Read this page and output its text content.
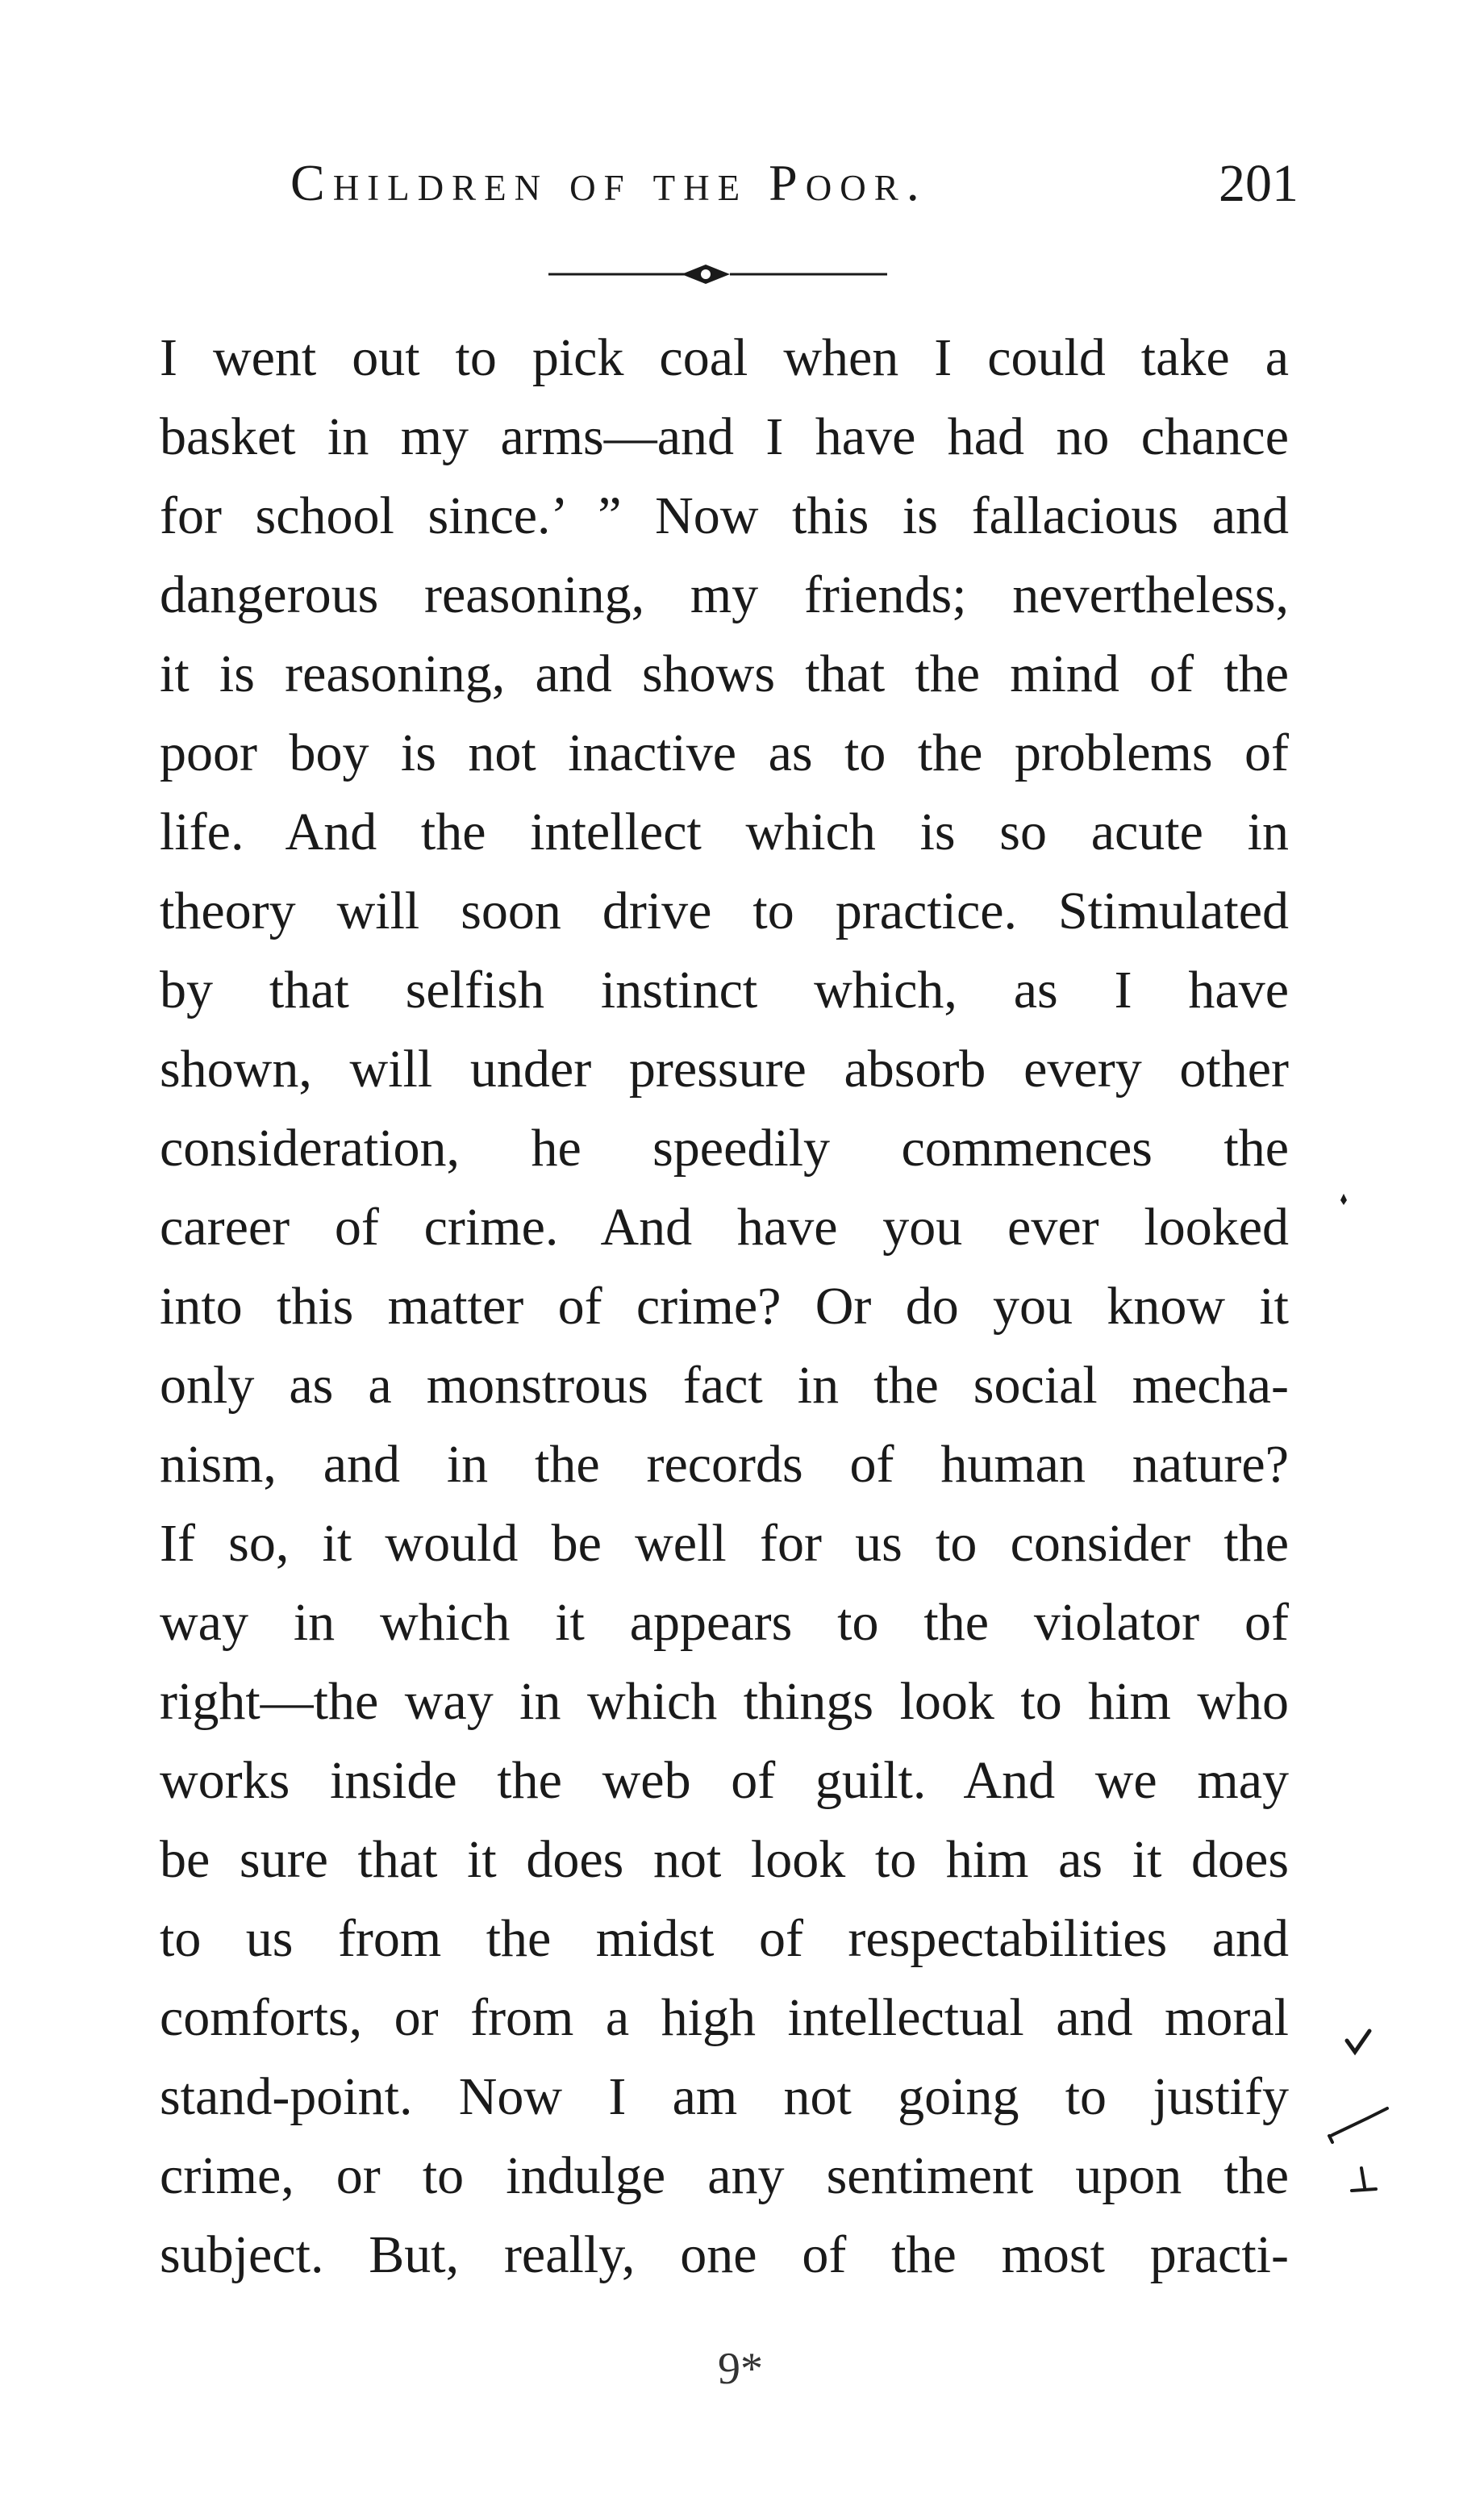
Children of the Poor.	201
I went out to pick coal when I could take a
basket in my arms—and I have had no chance
for school since.’ ” Now this is fallacious and
dangerous reasoning, my friends; nevertheless,
it is reasoning, and shows that the mind of the
poor boy is not inactive as to the problems of
life. And the intellect which is so acute in
theory will soon drive to practice. Stimulated
by that selfish instinct which, as I have
shown, will under pressure absorb every other
consideration, he speedily commences the
career of crime. And have you ever looked
into this matter of crime? Or do you know it
only as a monstrous fact in the social mecha-
nism, and in the records of human nature?
If so, it would be well for us to consider the
way in which it appears to the violator of
right—the way in which things look to him who
works inside the web of guilt. And we may
be sure that it does not look to him as it does
to us from the midst of respectabilities and
comforts, or from a high intellectual and moral
stand-point. Now I am not going to justify
crime, or to indulge any sentiment upon the
subject. But, really, one of the most practi-
9*
